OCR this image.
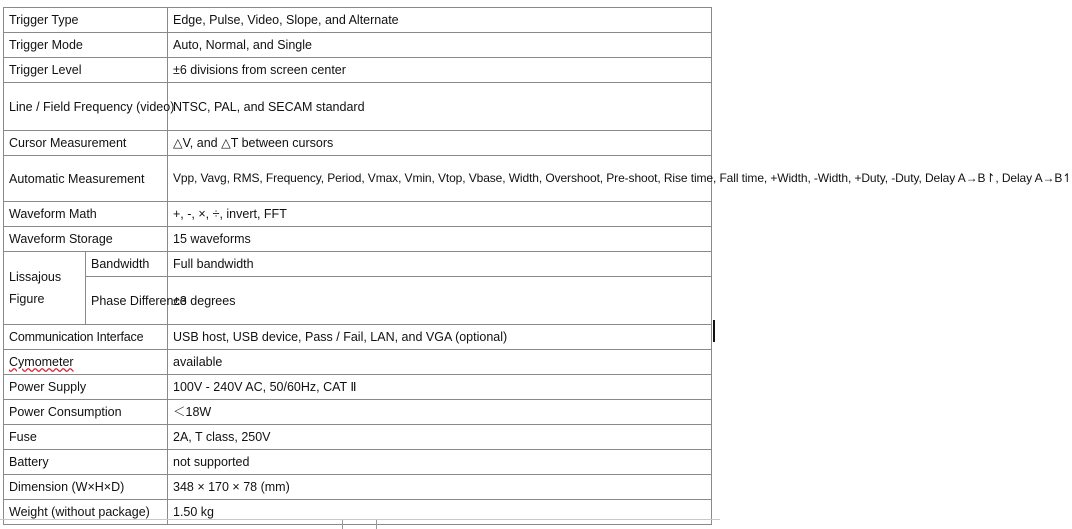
Trigger Type		Edge, Pulse, Video, Slope, and Alternate
Trigger Mode		Auto, Normal, and Single
Trigger Level		±6 divisions from screen center
Line / Field Frequency (video)		NTSC, PAL, and SECAM standard
Cursor Measurement		△V, and △T between cursors
Automatic Measurement		Vpp, Vavg, RMS, Frequency, Period, Vmax, Vmin, Vtop, Vbase, Width, Overshoot, Pre-shoot, Rise time, Fall time, +Width, -Width, +Duty, -Duty, Delay A→B↾, Delay A→B↿
Waveform Math		+, -, ×, ÷, invert, FFT
Waveform Storage		15 waveforms

Lissajous Figure	Bandwidth	Full bandwidth
	Phase Difference	±3 degrees
Communication Interface		USB host, USB device, Pass / Fail, LAN, and VGA (optional)
Cymometer		available
Power Supply		100V - 240V AC, 50/60Hz, CAT Ⅱ
Power Consumption		＜18W
Fuse		2A, T class, 250V
Battery		not supported
Dimension (W×H×D)		348 × 170 × 78 (mm)
Weight (without package)		1.50 kg
